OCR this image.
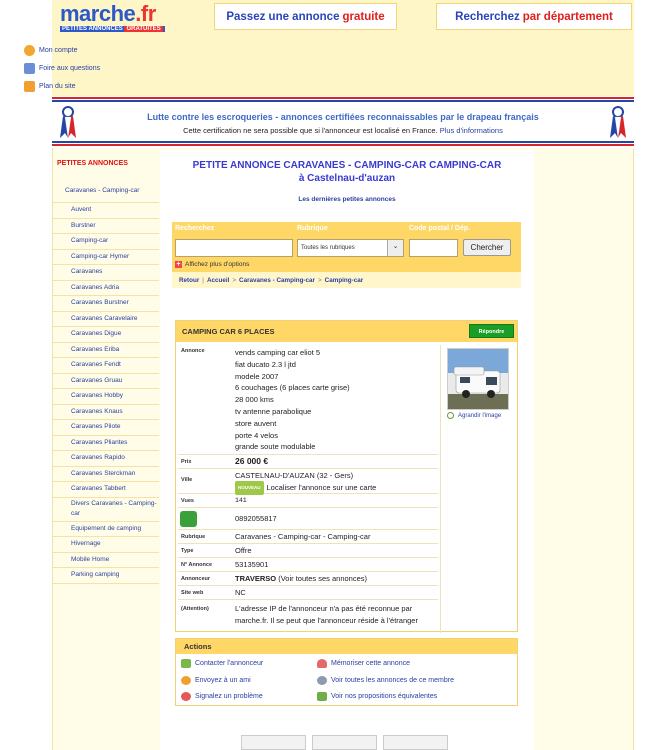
marche.fr
PETITES ANNONCES GRATUITES
Passez une annonce gratuite	Recherchez par département
Mon compte
Foire aux questions
Plan du site
Lutte contre les escroqueries - annonces certifiées reconnaissables par le drapeau français
Cette certification ne sera possible que si l'annonceur est localisé en France. Plus d'informations
PETITES ANNONCES
Caravanes - Camping-car
Auvent
Burstner
Camping-car
Camping-car Hymer
Caravanes
Caravanes Adria
Caravanes Burstner
Caravanes Caravelaire
Caravanes Digue
Caravanes Eriba
Caravanes Fendt
Caravanes Gruau
Caravanes Hobby
Caravanes Knaus
Caravanes Pilote
Caravanes Pliantes
Caravanes Rapido
Caravanes Sterckman
Caravanes Tabbert
Divers Caravanes - Camping-car
Equipement de camping
Hivernage
Mobile Home
Parking camping
PETITE ANNONCE CARAVANES - CAMPING-CAR CAMPING-CAR
à Castelnau-d'auzan
Les dernières petites annonces
Recherchez	Rubrique	Code postal / Dép.
Toutes les rubriques	⌄	Chercher
+ Affichez plus d'options
Retour | Accueil > Caravanes - Camping-car > Camping-car
CAMPING CAR 6 PLACES	Répondre
Annonce	vends camping car eliot 5
fiat ducato 2.3 l jtd
modele 2007
6 couchages (6 places carte grise)
28 000 kms
tv antenne parabolique
store auvent
porte 4 velos
grande soute modulable
Prix	26 000 €
Ville	CASTELNAU-D'AUZAN (32 - Gers)
NOUVEAU Localiser l'annonce sur une carte
Vues	141
0892055817
Rubrique	Caravanes - Camping-car - Camping-car
Type	Offre
N° Annonce	53135901
Annonceur	TRAVERSO (Voir toutes ses annonces)
Site web	NC
(Attention)	L'adresse IP de l'annonceur n'a pas été reconnue par
marche.fr. Il se peut que l'annonceur réside à l'étranger
Agrandir l'image
Actions
Contacter l'annonceur	Mémoriser cette annonce
Envoyez à un ami	Voir toutes les annonces de ce membre
Signalez un problème	Voir nos propositions équivalentes
